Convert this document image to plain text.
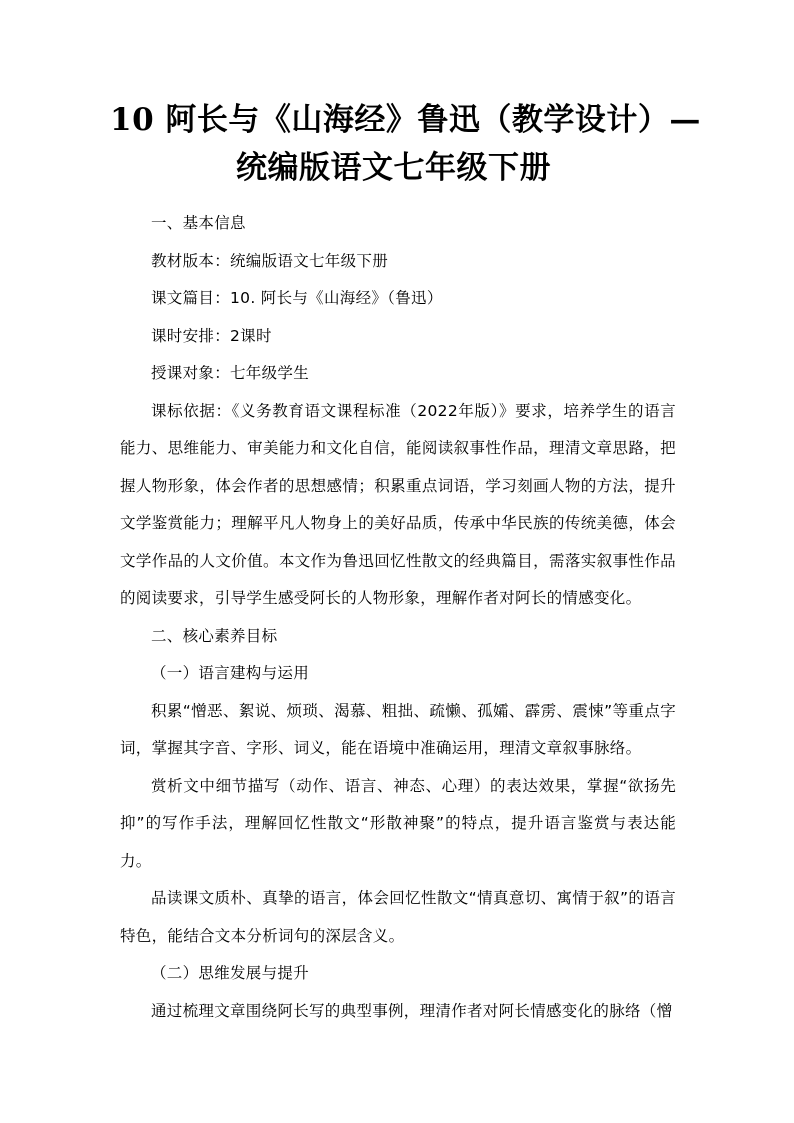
10 阿长与《山海经》鲁迅（教学设计）—
统编版语文七年级下册

一、基本信息

教材版本：统编版语文七年级下册

课文篇目：10. 阿长与《山海经》（鲁迅）

课时安排：2课时

授课对象：七年级学生

课标依据：《义务教育语文课程标准（2022年版）》要求，培养学生的语言能力、思维能力、审美能力和文化自信，能阅读叙事性作品，理清文章思路，把握人物形象，体会作者的思想感情；积累重点词语，学习刻画人物的方法，提升文学鉴赏能力；理解平凡人物身上的美好品质，传承中华民族的传统美德，体会文学作品的人文价值。本文作为鲁迅回忆性散文的经典篇目，需落实叙事性作品的阅读要求，引导学生感受阿长的人物形象，理解作者对阿长的情感变化。

二、核心素养目标

（一）语言建构与运用

积累“憎恶、絮说、烦琐、渴慕、粗拙、疏懒、孤孀、霹雳、震悚”等重点字词，掌握其字音、字形、词义，能在语境中准确运用，理清文章叙事脉络。

赏析文中细节描写（动作、语言、神态、心理）的表达效果，掌握“欲扬先抑”的写作手法，理解回忆性散文“形散神聚”的特点，提升语言鉴赏与表达能力。

品读课文质朴、真挚的语言，体会回忆性散文“情真意切、寓情于叙”的语言特色，能结合文本分析词句的深层含义。

（二）思维发展与提升

通过梳理文章围绕阿长写的典型事例，理清作者对阿长情感变化的脉络（憎
